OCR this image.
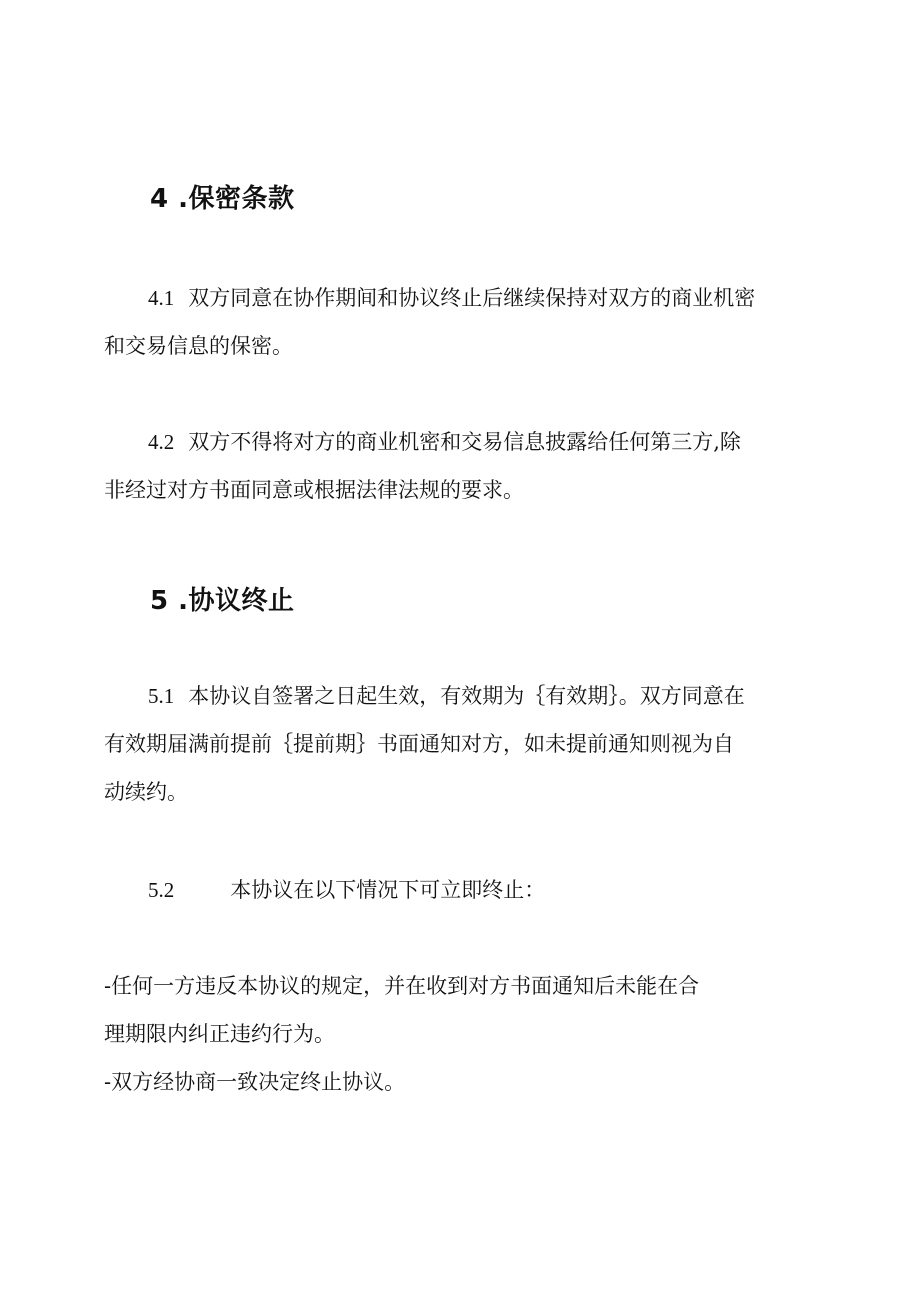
4 .保密条款
4.1 双方同意在协作期间和协议终止后继续保持对双方的商业机密
和交易信息的保密。
4.2 双方不得将对方的商业机密和交易信息披露给任何第三方,除
非经过对方书面同意或根据法律法规的要求。
5 .协议终止
5.1 本协议自签署之日起生效，有效期为｛有效期｝。双方同意在
有效期届满前提前｛提前期｝书面通知对方，如未提前通知则视为自
动续约。
5.2	本协议在以下情况下可立即终止：
-任何一方违反本协议的规定，并在收到对方书面通知后未能在合
理期限内纠正违约行为。
-双方经协商一致决定终止协议。
